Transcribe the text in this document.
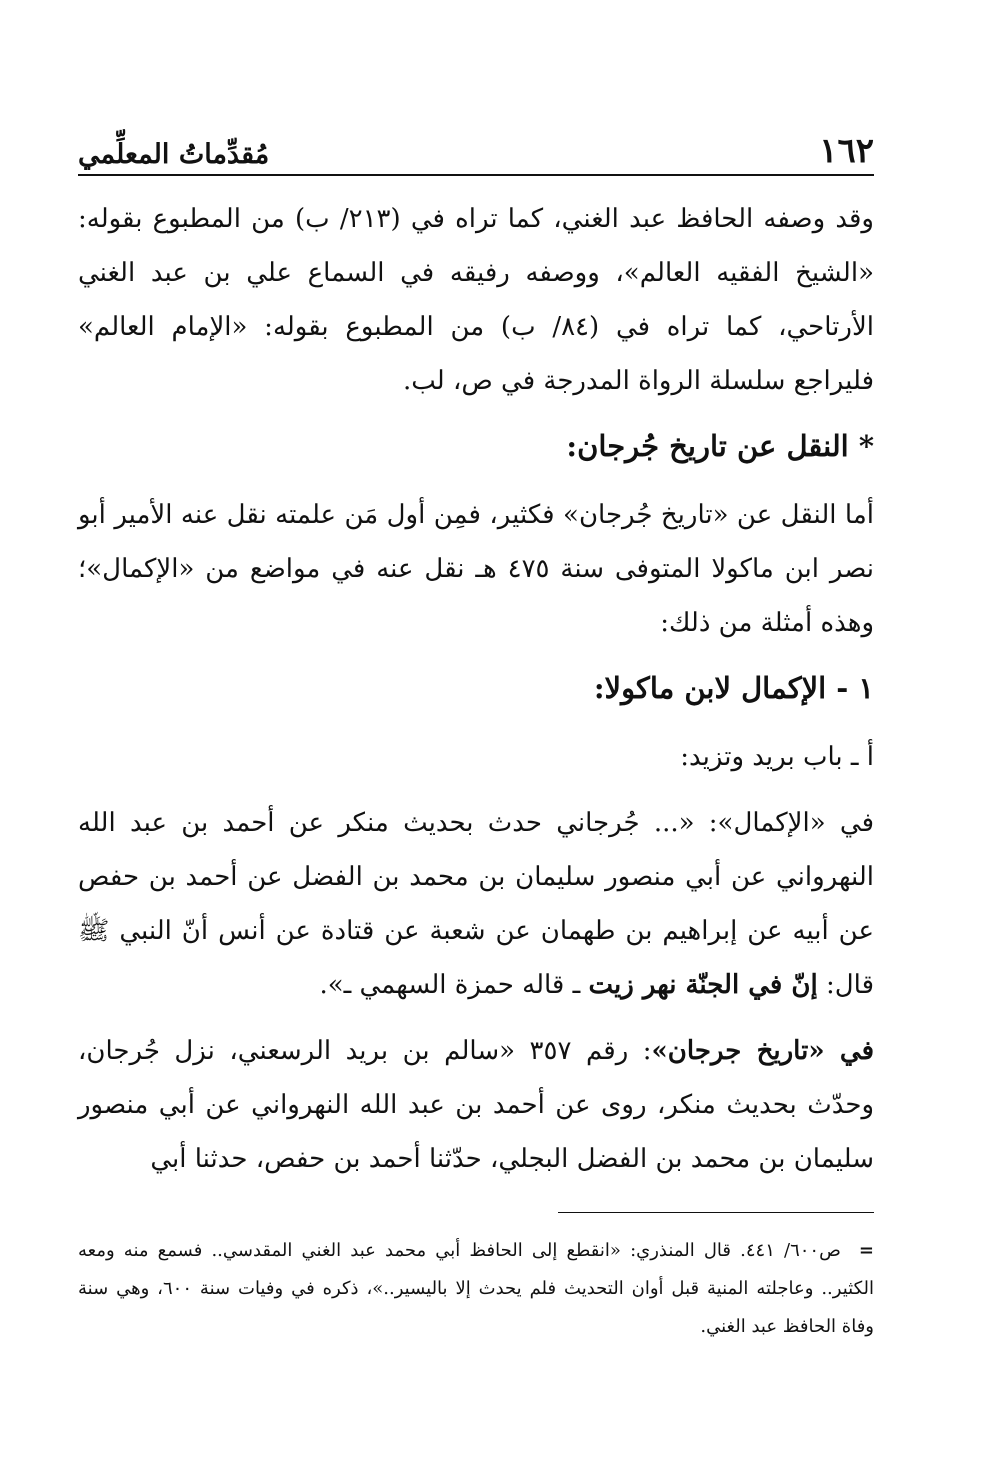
١٦٢
مُقدِّماتُ المعلِّمي

وقد وصفه الحافظ عبد الغني، كما تراه في (٢١٣/ ب) من المطبوع بقوله: «الشيخ الفقيه العالم»، ووصفه رفيقه في السماع علي بن عبد الغني الأرتاحي، كما تراه في (٨٤/ ب) من المطبوع بقوله: «الإمام العالم» فليراجع سلسلة الرواة المدرجة في ص، لب.

* النقل عن تاريخ جُرجان:

أما النقل عن «تاريخ جُرجان» فكثير، فمِن أول مَن علمته نقل عنه الأمير أبو نصر ابن ماكولا المتوفى سنة ٤٧٥ هـ نقل عنه في مواضع من «الإكمال»؛ وهذه أمثلة من ذلك:

١ - الإكمال لابن ماكولا:
أ ـ باب بريد وتزيد:

في «الإكمال»: «... جُرجاني حدث بحديث منكر عن أحمد بن عبد الله النهرواني عن أبي منصور سليمان بن محمد بن الفضل عن أحمد بن حفص عن أبيه عن إبراهيم بن طهمان عن شعبة عن قتادة عن أنس أنّ النبي ﷺ قال: إنّ في الجنّة نهر زيت ـ قاله حمزة السهمي ـ».

في «تاريخ جرجان»: رقم ٣٥٧ «سالم بن بريد الرسعني، نزل جُرجان، وحدّث بحديث منكر، روى عن أحمد بن عبد الله النهرواني عن أبي منصور سليمان بن محمد بن الفضل البجلي، حدّثنا أحمد بن حفص، حدثنا أبي

= ص٦٠٠/ ٤٤١. قال المنذري: «انقطع إلى الحافظ أبي محمد عبد الغني المقدسي.. فسمع منه ومعه الكثير.. وعاجلته المنية قبل أوان التحديث فلم يحدث إلا باليسير..»، ذكره في وفيات سنة ٦٠٠، وهي سنة وفاة الحافظ عبد الغني.
